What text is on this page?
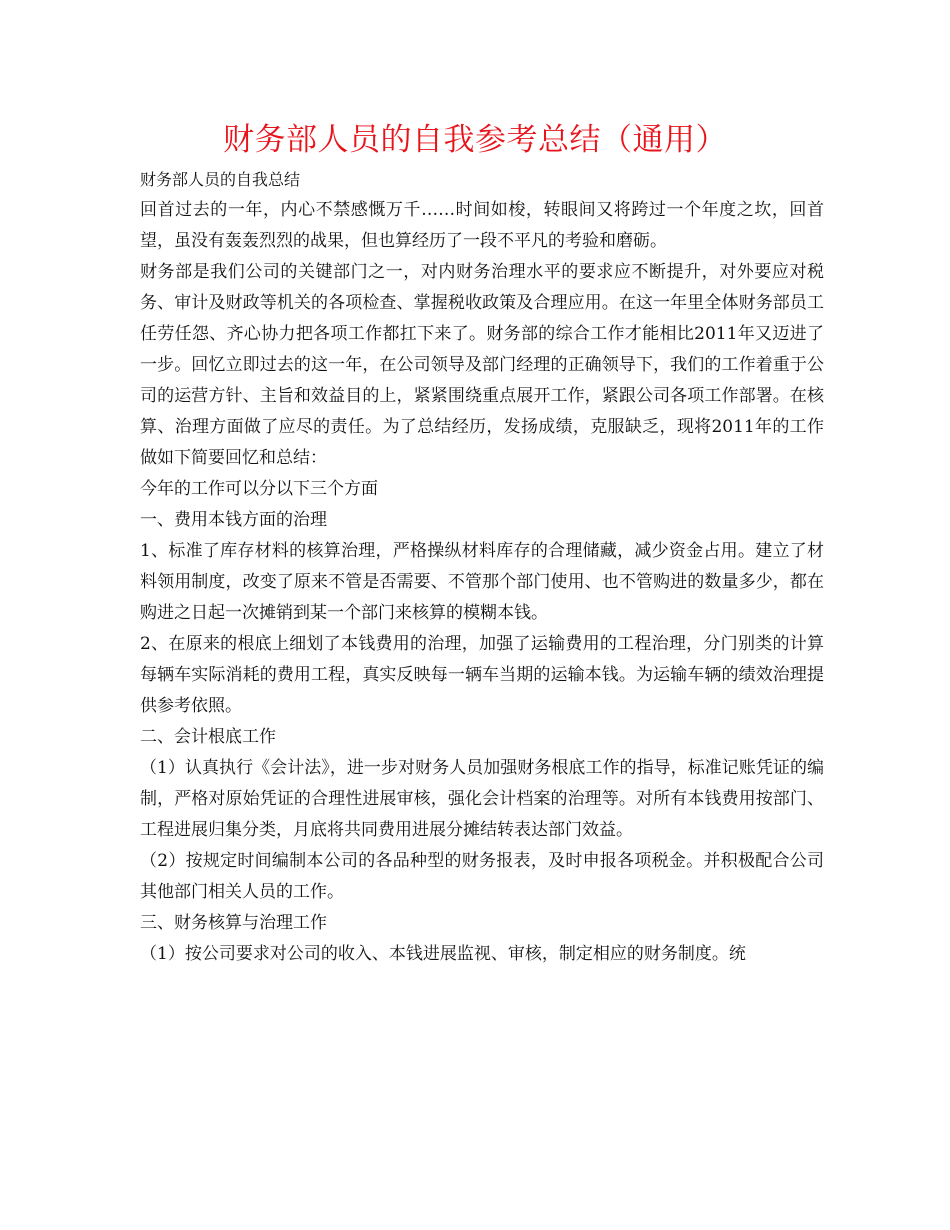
财务部人员的自我参考总结（通用）

财务部人员的自我总结

回首过去的一年，内心不禁感慨万千……时间如梭，转眼间又将跨过一个年度之坎，回首望，虽没有轰轰烈烈的战果，但也算经历了一段不平凡的考验和磨砺。

财务部是我们公司的关键部门之一，对内财务治理水平的要求应不断提升，对外要应对税务、审计及财政等机关的各项检查、掌握税收政策及合理应用。在这一年里全体财务部员工任劳任怨、齐心协力把各项工作都扛下来了。财务部的综合工作才能相比2011年又迈进了一步。回忆立即过去的这一年，在公司领导及部门经理的正确领导下，我们的工作着重于公司的运营方针、主旨和效益目的上，紧紧围绕重点展开工作，紧跟公司各项工作部署。在核算、治理方面做了应尽的责任。为了总结经历，发扬成绩，克服缺乏，现将2011年的工作做如下简要回忆和总结：

今年的工作可以分以下三个方面

一、费用本钱方面的治理

1、标准了库存材料的核算治理，严格操纵材料库存的合理储藏，减少资金占用。建立了材料领用制度，改变了原来不管是否需要、不管那个部门使用、也不管购进的数量多少，都在购进之日起一次摊销到某一个部门来核算的模糊本钱。

2、在原来的根底上细划了本钱费用的治理，加强了运输费用的工程治理，分门别类的计算每辆车实际消耗的费用工程，真实反映每一辆车当期的运输本钱。为运输车辆的绩效治理提供参考依照。

二、会计根底工作

（1）认真执行《会计法》，进一步对财务人员加强财务根底工作的指导，标准记账凭证的编制，严格对原始凭证的合理性进展审核，强化会计档案的治理等。对所有本钱费用按部门、工程进展归集分类，月底将共同费用进展分摊结转表达部门效益。

（2）按规定时间编制本公司的各品种型的财务报表，及时申报各项税金。并积极配合公司其他部门相关人员的工作。

三、财务核算与治理工作

（1）按公司要求对公司的收入、本钱进展监视、审核，制定相应的财务制度。统
